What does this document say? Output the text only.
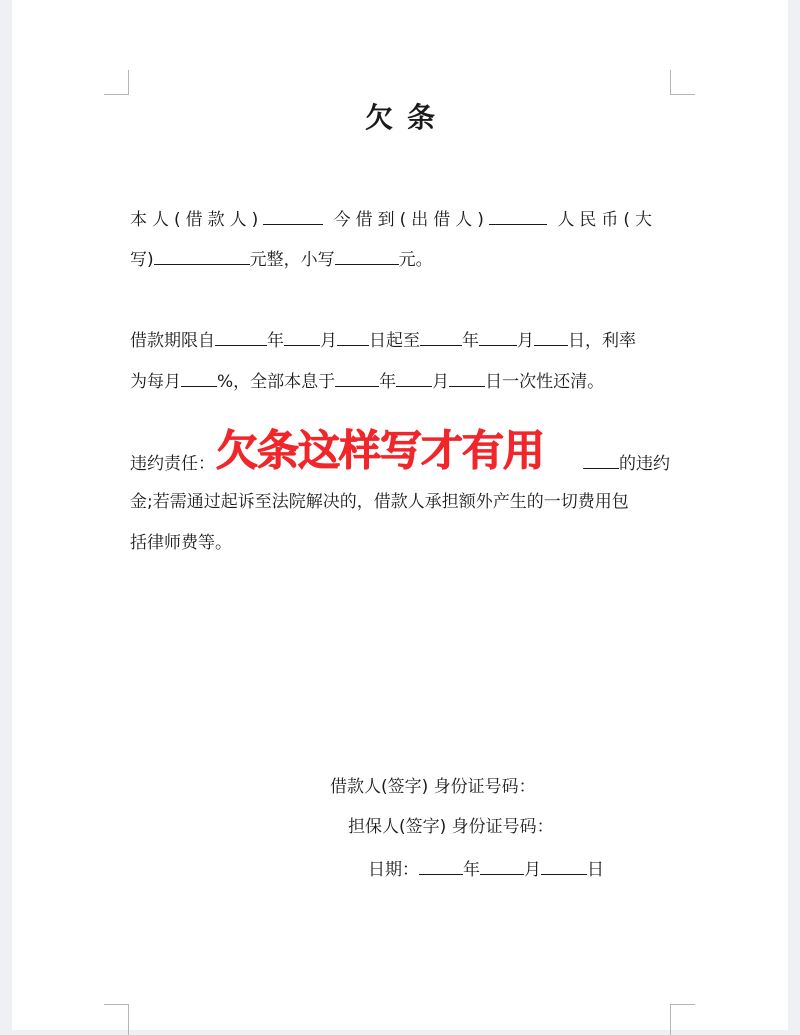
欠条
本人(借款人)	今借到(出借人)	人民币(大
写)	元整，小写	元。
借款期限自	年 月 日起至 年 月 日，利率
为每月 %，全部本息于	年 月 日一次性还清。
违约责任：	的违约
金;若需通过起诉至法院解决的，借款人承担额外产生的一切费用包
括律师费等。
欠条这样写才有用
借款人(签字) 身份证号码：
担保人(签字) 身份证号码：
日期：	年	月	日
